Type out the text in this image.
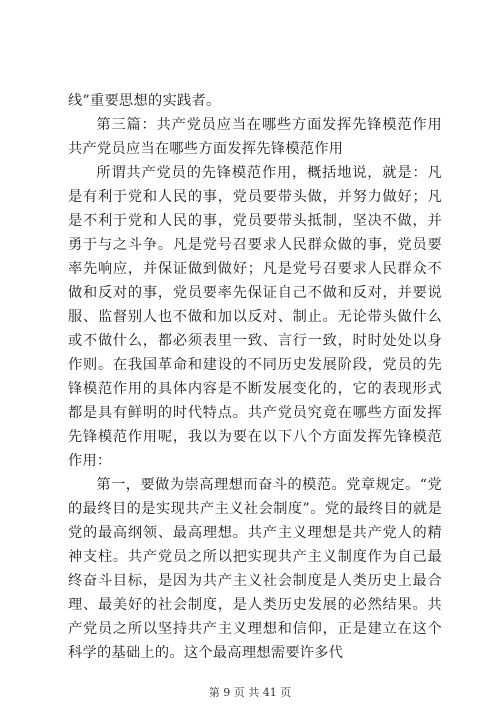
线”重要思想的实践者。

第三篇：共产党员应当在哪些方面发挥先锋模范作用共产党员应当在哪些方面发挥先锋模范作用

所谓共产党员的先锋模范作用，概括地说，就是：凡是有利于党和人民的事，党员要带头做，并努力做好；凡是不利于党和人民的事，党员要带头抵制，坚决不做，并勇于与之斗争。凡是党号召要求人民群众做的事，党员要率先响应，并保证做到做好；凡是党号召要求人民群众不做和反对的事，党员要率先保证自己不做和反对，并要说服、监督别人也不做和加以反对、制止。无论带头做什么或不做什么，都必须表里一致、言行一致，时时处处以身作则。在我国革命和建设的不同历史发展阶段，党员的先锋模范作用的具体内容是不断发展变化的，它的表现形式都是具有鲜明的时代特点。共产党员究竟在哪些方面发挥先锋模范作用呢，我以为要在以下八个方面发挥先锋模范作用：

第一，要做为崇高理想而奋斗的模范。党章规定。“党的最终目的是实现共产主义社会制度”。党的最终目的就是党的最高纲领、最高理想。共产主义理想是共产党人的精神支柱。共产党员之所以把实现共产主义制度作为自己最终奋斗目标，是因为共产主义社会制度是人类历史上最合理、最美好的社会制度，是人类历史发展的必然结果。共产党员之所以坚持共产主义理想和信仰，正是建立在这个科学的基础上的。这个最高理想需要许多代

第 9 页 共 41 页
